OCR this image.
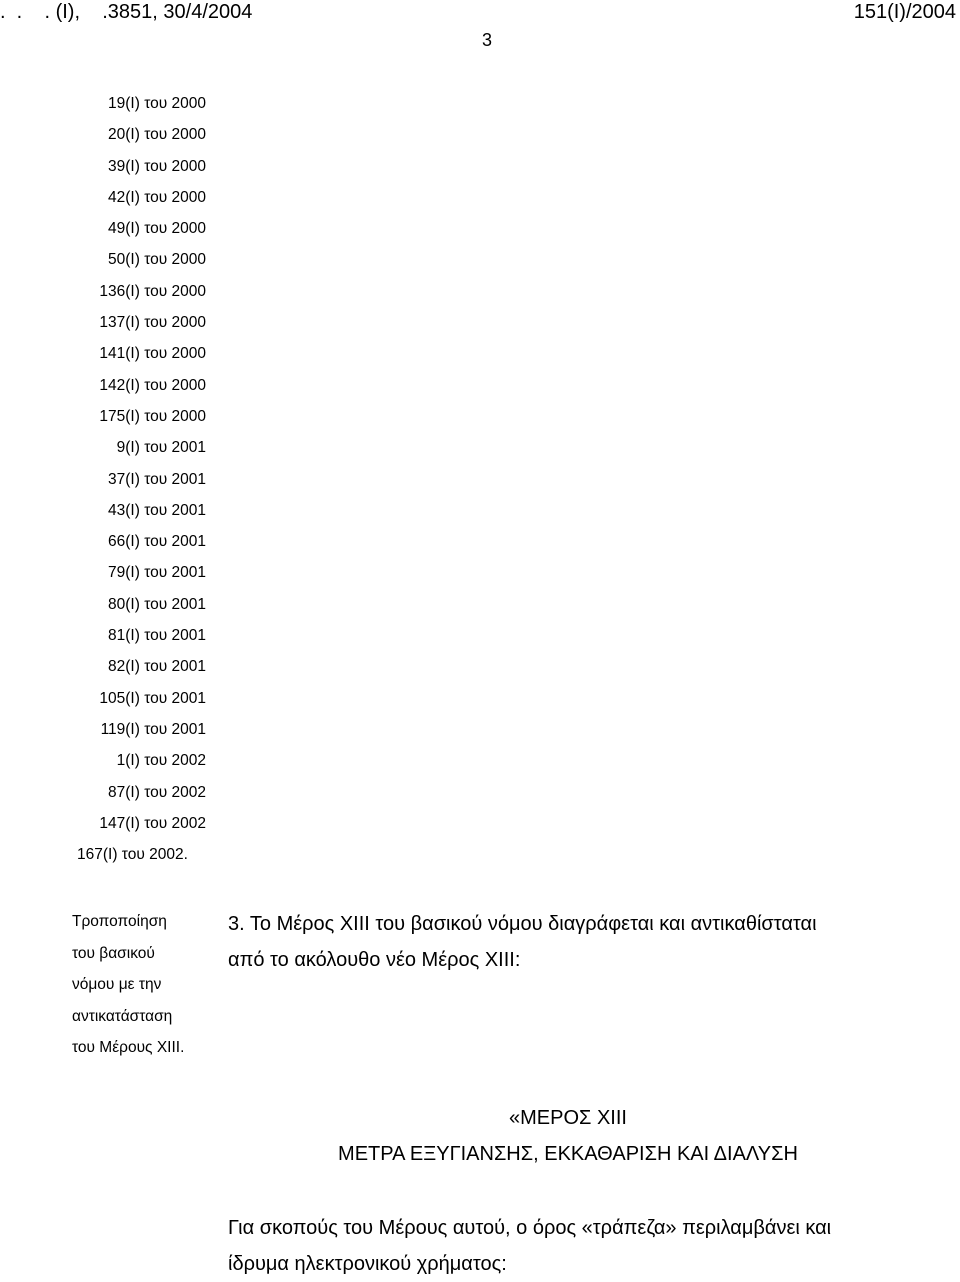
.  .    . (Ι),    .3851, 30/4/2004	151(Ι)/2004
3
19(Ι) του 2000
20(Ι) του 2000
39(Ι) του 2000
42(Ι) του 2000
49(Ι) του 2000
50(Ι) του 2000
136(Ι) του 2000
137(Ι) του 2000
141(Ι) του 2000
142(Ι) του 2000
175(Ι) του 2000
9(Ι) του 2001
37(Ι) του 2001
43(Ι) του 2001
66(Ι) του 2001
79(Ι) του 2001
80(Ι) του 2001
81(Ι) του 2001
82(Ι) του 2001
105(Ι) του 2001
119(Ι) του 2001
1(Ι) του 2002
87(Ι) του 2002
147(Ι) του 2002
167(Ι) του 2002.
Τροποποίηση
του βασικού
νόμου με την
αντικατάσταση
του Μέρους XIII.
3. Το Μέρος XIII του βασικού νόμου διαγράφεται και αντικαθίσταται
από το ακόλουθο νέο Μέρος XIII:
«ΜΕΡΟΣ XIII
ΜΕΤΡΑ ΕΞΥΓΙΑΝΣΗΣ, ΕΚΚΑΘΑΡΙΣΗ ΚΑΙ ΔΙΑΛΥΣΗ
Για σκοπούς του Μέρους αυτού, ο όρος «τράπεζα» περιλαμβάνει και
ίδρυμα ηλεκτρονικού χρήματος:
